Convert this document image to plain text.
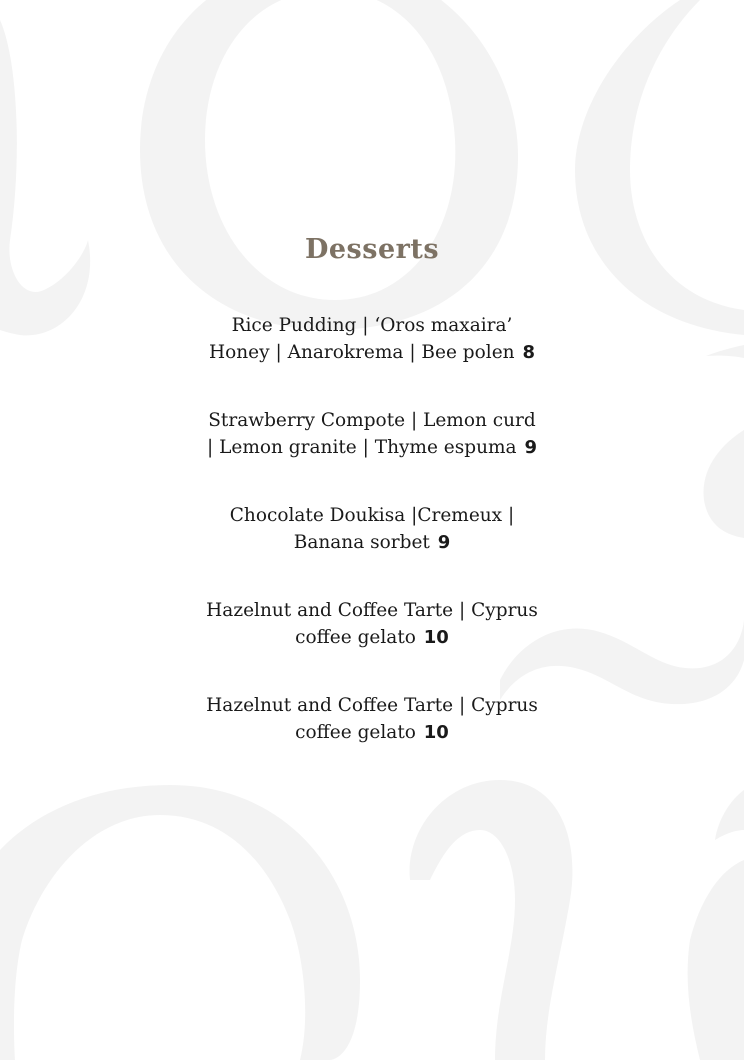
Desserts
Rice Pudding | ‘Oros maxaira’
Honey | Anarokrema | Bee polen 8
Strawberry Compote | Lemon curd
| Lemon granite | Thyme espuma 9
Chocolate Doukisa |Cremeux |
Banana sorbet 9
Hazelnut and Coffee Tarte | Cyprus
coffee gelato 10
Hazelnut and Coffee Tarte | Cyprus
coffee gelato 10
